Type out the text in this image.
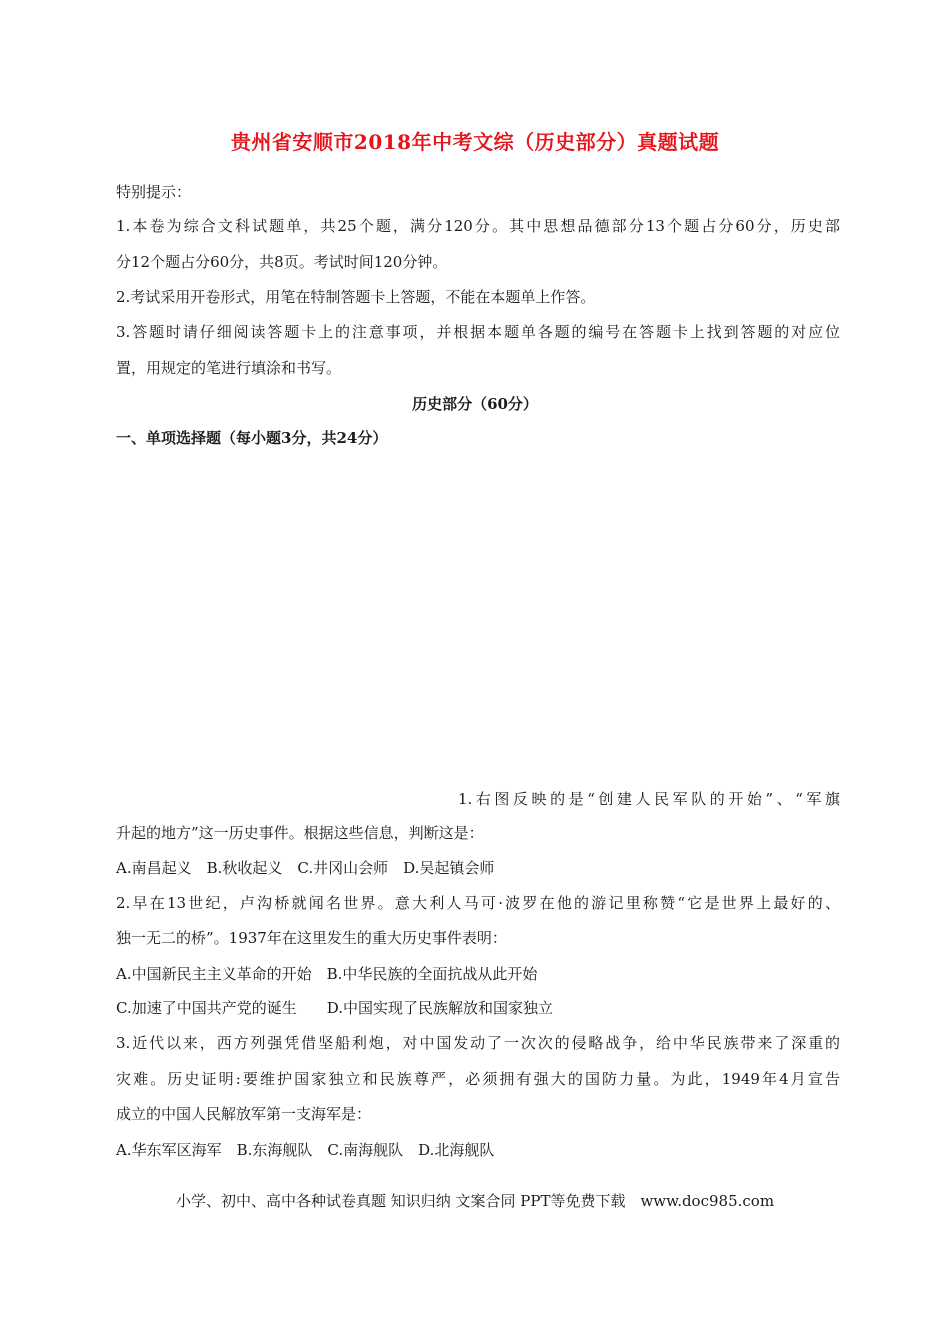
贵州省安顺市2018年中考文综（历史部分）真题试题
特别提示：
1.本卷为综合文科试题单，共25个题，满分120分。其中思想品德部分13个题占分60分，历史部
分12个题占分60分，共8页。考试时间120分钟。
2.考试采用开卷形式，用笔在特制答题卡上答题，不能在本题单上作答。
3.答题时请仔细阅读答题卡上的注意事项，并根据本题单各题的编号在答题卡上找到答题的对应位
置，用规定的笔进行填涂和书写。
历史部分（60分）
一、单项选择题（每小题3分，共24分）
1.右图反映的是“创建人民军队的开始”、“军旗
升起的地方”这一历史事件。根据这些信息，判断这是：
A.南昌起义　B.秋收起义　C.井冈山会师　D.吴起镇会师
2.早在13世纪，卢沟桥就闻名世界。意大利人马可·波罗在他的游记里称赞“它是世界上最好的、
独一无二的桥”。1937年在这里发生的重大历史事件表明：
A.中国新民主主义革命的开始　B.中华民族的全面抗战从此开始
C.加速了中国共产党的诞生　　D.中国实现了民族解放和国家独立
3.近代以来，西方列强凭借坚船利炮，对中国发动了一次次的侵略战争，给中华民族带来了深重的
灾难。历史证明:要维护国家独立和民族尊严，必须拥有强大的国防力量。为此，1949年4月宣告
成立的中国人民解放军第一支海军是：
A.华东军区海军　B.东海舰队　C.南海舰队　D.北海舰队
小学、初中、高中各种试卷真题 知识归纳 文案合同 PPT等免费下载　www.doc985.com
